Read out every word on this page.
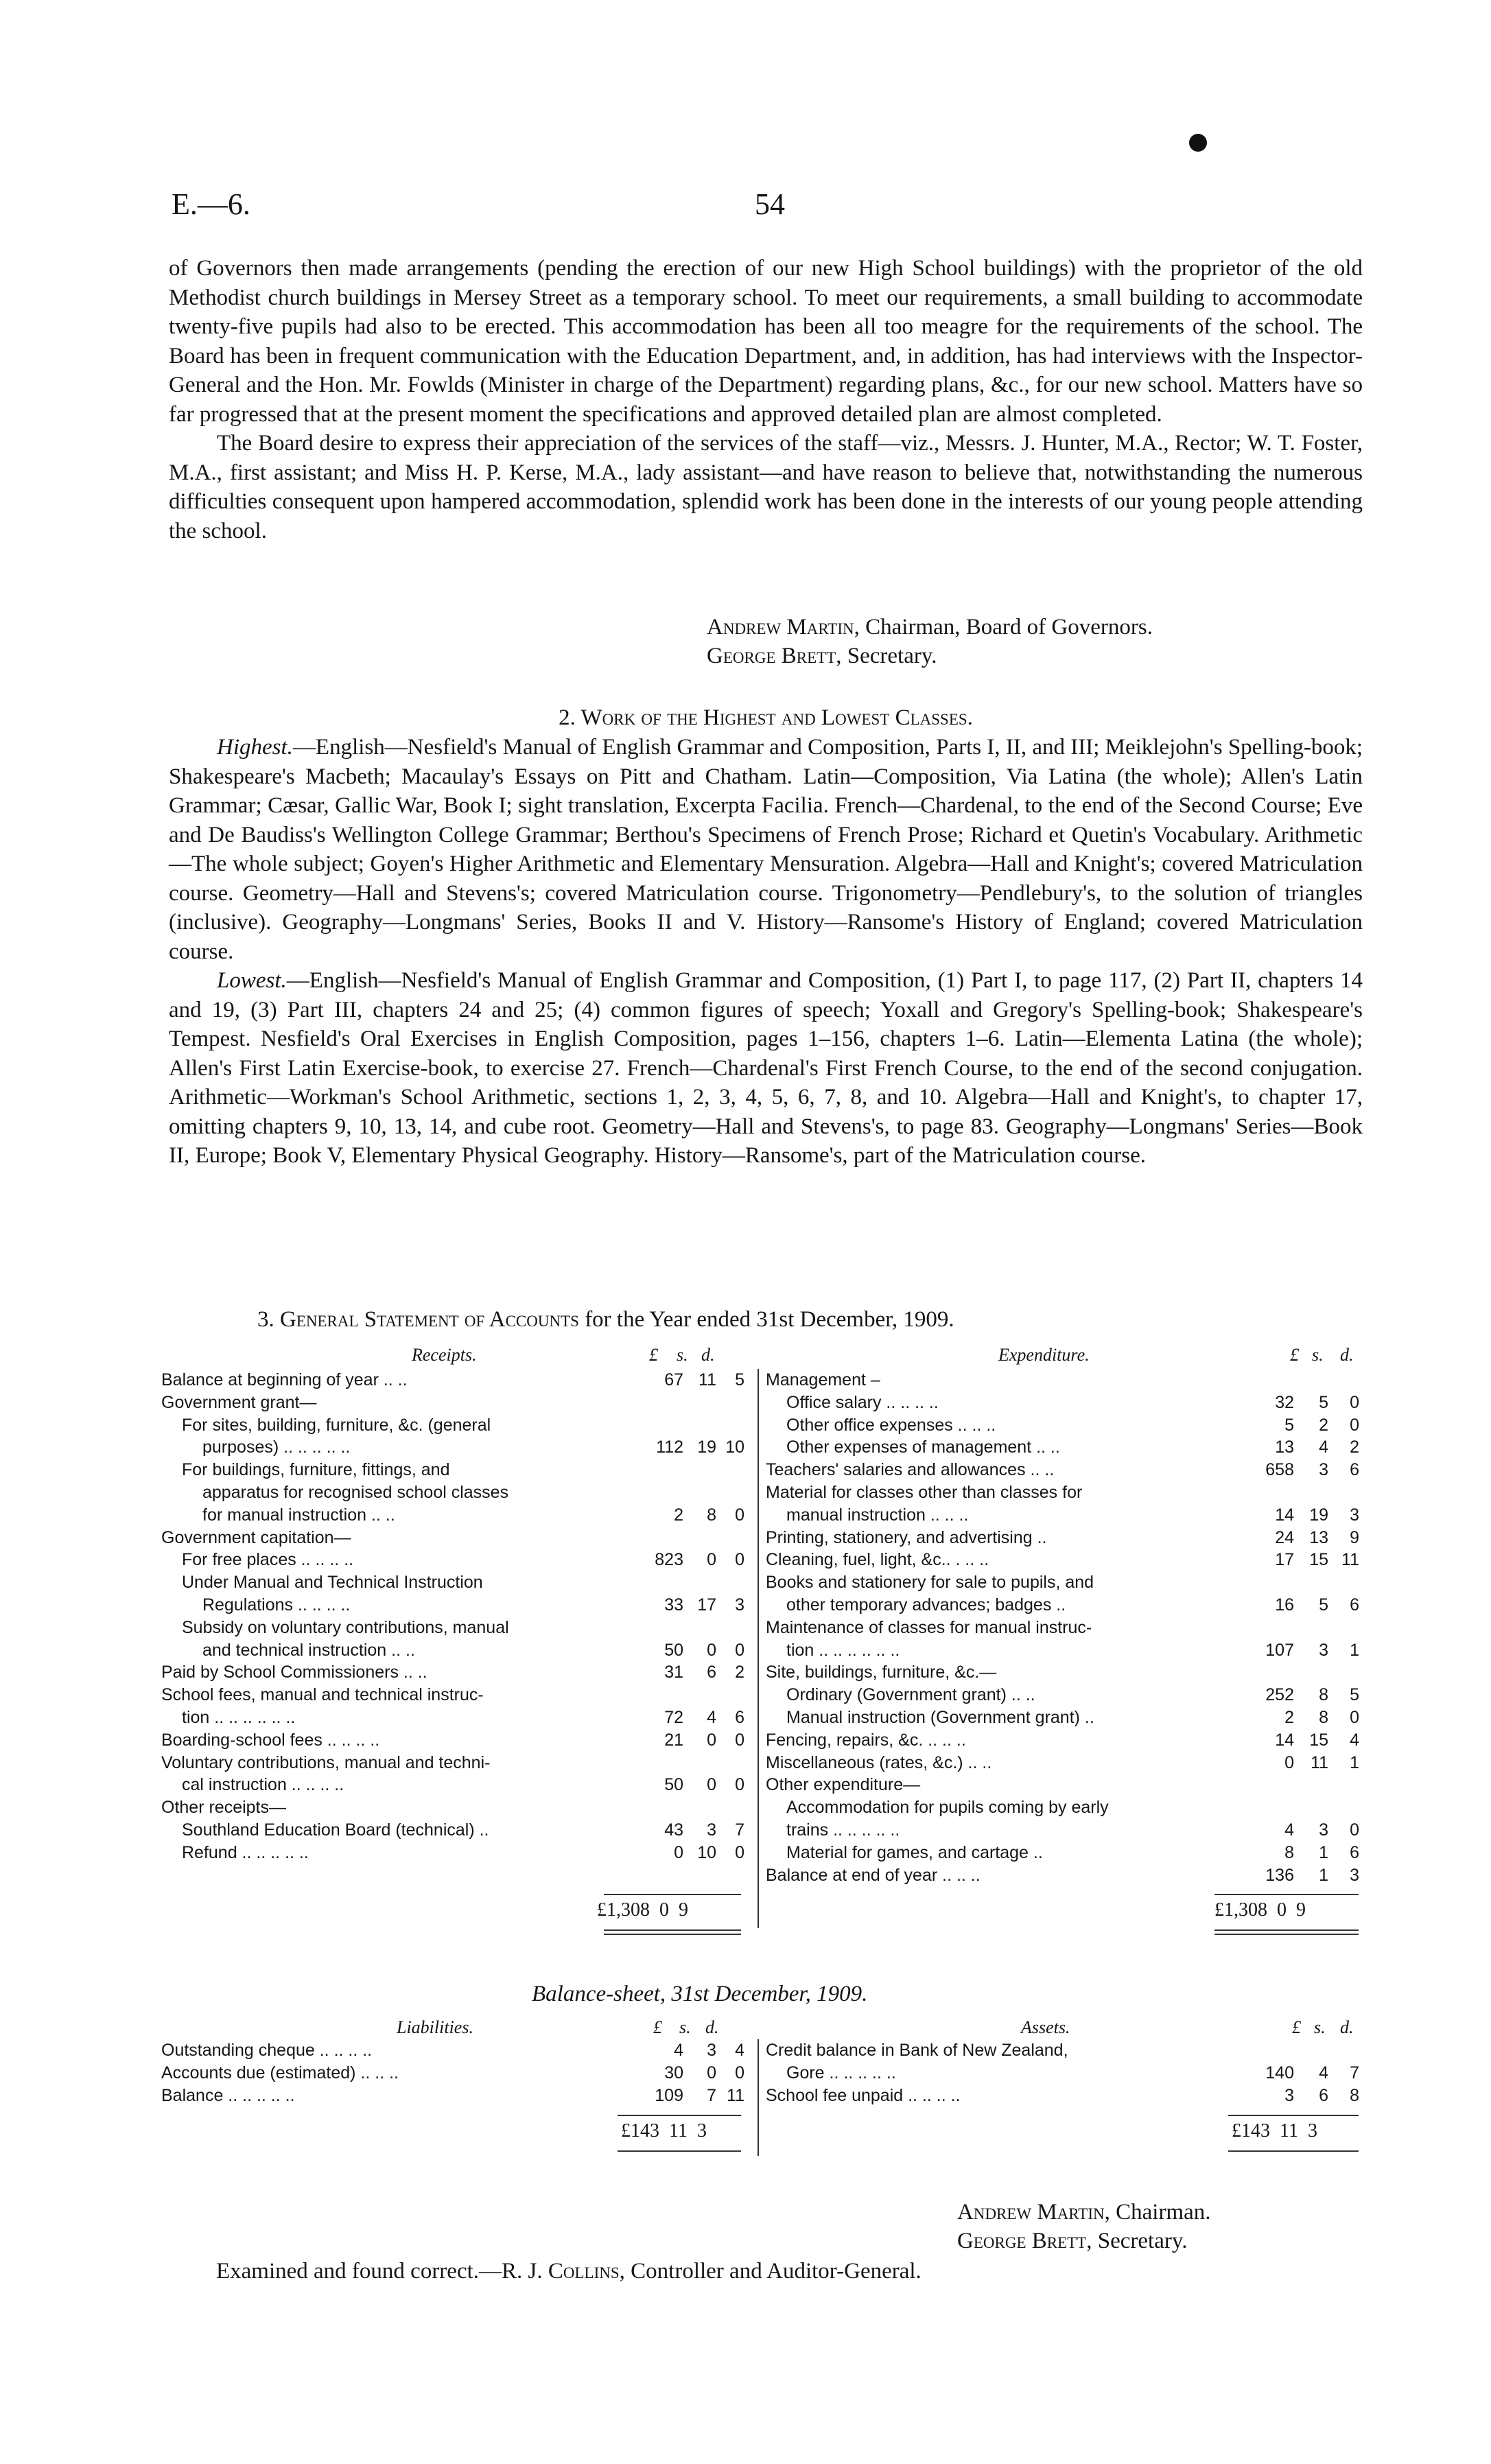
E.—6.	54

of Governors then made arrangements (pending the erection of our new High School buildings) with the proprietor of the old Methodist church buildings in Mersey Street as a temporary school. To meet our requirements, a small building to accommodate twenty-five pupils had also to be erected. This accommodation has been all too meagre for the requirements of the school. The Board has been in frequent communication with the Education Department, and, in addition, has had interviews with the Inspector-General and the Hon. Mr. Fowlds (Minister in charge of the Department) regarding plans, &c., for our new school. Matters have so far progressed that at the present moment the specifications and approved detailed plan are almost completed.

The Board desire to express their appreciation of the services of the staff—viz., Messrs. J. Hunter, M.A., Rector; W. T. Foster, M.A., first assistant; and Miss H. P. Kerse, M.A., lady assistant—and have reason to believe that, notwithstanding the numerous difficulties consequent upon hampered accommodation, splendid work has been done in the interests of our young people attending the school.

Andrew Martin, Chairman, Board of Governors.
George Brett, Secretary.
2. Work of the Highest and Lowest Classes.

Highest.—English—Nesfield's Manual of English Grammar and Composition, Parts I, II, and III; Meiklejohn's Spelling-book; Shakespeare's Macbeth; Macaulay's Essays on Pitt and Chatham. Latin—Composition, Via Latina (the whole); Allen's Latin Grammar; Cæsar, Gallic War, Book I; sight translation, Excerpta Facilia. French—Chardenal, to the end of the Second Course; Eve and De Baudiss's Wellington College Grammar; Berthou's Specimens of French Prose; Richard et Quetin's Vocabulary. Arithmetic—The whole subject; Goyen's Higher Arithmetic and Elementary Mensuration. Algebra—Hall and Knight's; covered Matriculation course. Geometry—Hall and Stevens's; covered Matriculation course. Trigonometry—Pendlebury's, to the solution of triangles (inclusive). Geography—Longmans' Series, Books II and V. History—Ransome's History of England; covered Matriculation course.

Lowest.—English—Nesfield's Manual of English Grammar and Composition, (1) Part I, to page 117, (2) Part II, chapters 14 and 19, (3) Part III, chapters 24 and 25; (4) common figures of speech; Yoxall and Gregory's Spelling-book; Shakespeare's Tempest. Nesfield's Oral Exercises in English Composition, pages 1–156, chapters 1–6. Latin—Elementa Latina (the whole); Allen's First Latin Exercise-book, to exercise 27. French—Chardenal's First French Course, to the end of the second conjugation. Arithmetic—Workman's School Arithmetic, sections 1, 2, 3, 4, 5, 6, 7, 8, and 10. Algebra—Hall and Knight's, to chapter 17, omitting chapters 9, 10, 13, 14, and cube root. Geometry—Hall and Stevens's, to page 83. Geography—Longmans' Series—Book II, Europe; Book V, Elementary Physical Geography. History—Ransome's, part of the Matriculation course.

3. General Statement of Accounts for the Year ended 31st December, 1909.
Receipts.	£ s. d.	Expenditure.	£ s. d.
Balance at beginning of year .. ..	67 11 5
Government grant—
For sites, building, furniture, &c. (general
purposes) .. .. .. .. ..	112 19 10
For buildings, furniture, fittings, and
apparatus for recognised school classes
for manual instruction .. ..	2 8 0
Government capitation—
For free places .. .. .. ..	823 0 0
Under Manual and Technical Instruction
Regulations .. .. .. ..	33 17 3
Subsidy on voluntary contributions, manual
and technical instruction .. ..	50 0 0
Paid by School Commissioners .. ..	31 6 2
School fees, manual and technical instruc-
tion .. .. .. .. .. ..	72 4 6
Boarding-school fees .. .. .. ..	21 0 0
Voluntary contributions, manual and techni-
cal instruction .. .. .. ..	50 0 0
Other receipts—
Southland Education Board (technical) ..	43 3 7
Refund .. .. .. .. ..	0 10 0
Management –
Office salary .. .. .. ..	32 5 0
Other office expenses .. .. ..	5 2 0
Other expenses of management .. ..	13 4 2
Teachers' salaries and allowances .. ..	658 3 6
Material for classes other than classes for
manual instruction .. .. ..	14 19 3
Printing, stationery, and advertising ..	24 13 9
Cleaning, fuel, light, &c.. . .. ..	17 15 11
Books and stationery for sale to pupils, and
other temporary advances; badges ..	16 5 6
Maintenance of classes for manual instruc-
tion .. .. .. .. .. ..	107 3 1
Site, buildings, furniture, &c.—
Ordinary (Government grant) .. ..	252 8 5
Manual instruction (Government grant) ..	2 8 0
Fencing, repairs, &c. .. .. ..	14 15 4
Miscellaneous (rates, &c.) .. ..	0 11 1
Other expenditure—
Accommodation for pupils coming by early
trains .. .. .. .. ..	4 3 0
Material for games, and cartage ..	8 1 6
Balance at end of year .. .. ..	136 1 3
£1,308 0 9	£1,308 0 9
Balance-sheet, 31st December, 1909.
Liabilities.	£ s. d.	Assets.	£ s. d.
Outstanding cheque .. .. .. ..	4 3 4
Accounts due (estimated) .. .. ..	30 0 0
Balance .. .. .. .. ..	109 7 11
Credit balance in Bank of New Zealand,
Gore .. .. .. .. ..	140 4 7
School fee unpaid .. .. .. ..	3 6 8
£143 11 3	£143 11 3
Andrew Martin, Chairman.
George Brett, Secretary.
Examined and found correct.—R. J. Collins, Controller and Auditor-General.
